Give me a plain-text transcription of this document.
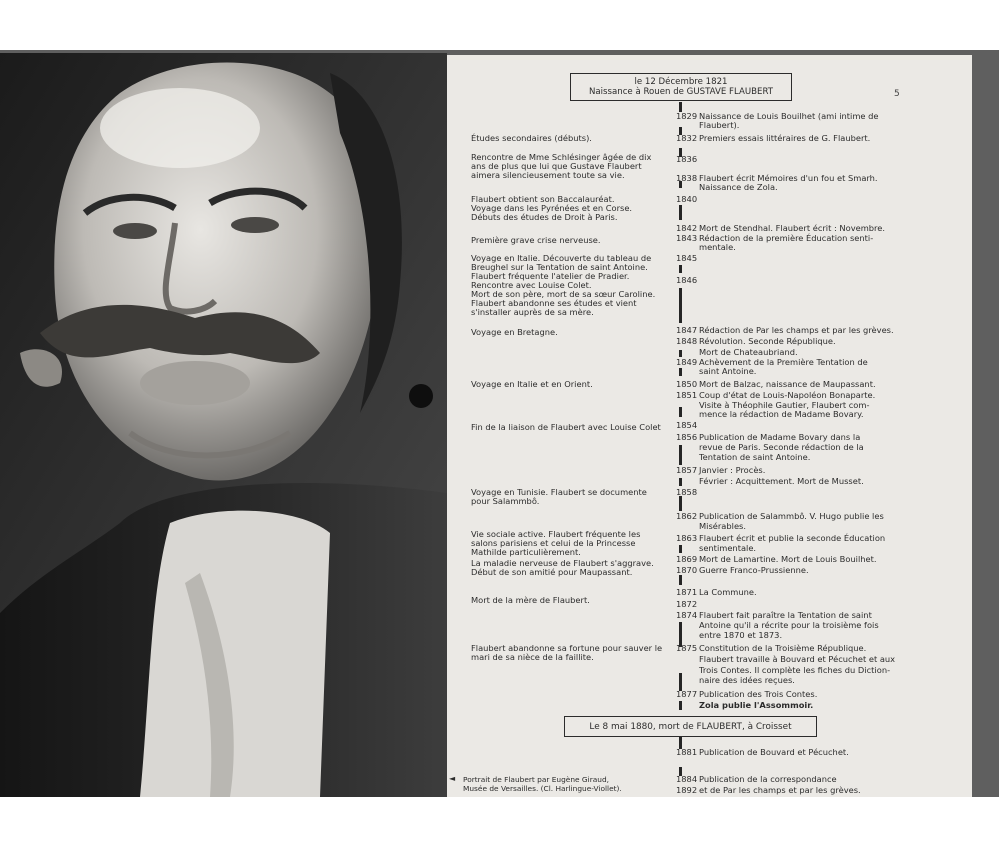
le 12 Décembre 1821
Naissance à Rouen de GUSTAVE FLAUBERT	5
1829
1832
1836
1838
1840
1842
1843
1845
1846
1847
1848
1849
1850
1851
1854
1856
1857
1858
1862
1863
1869
1870
1871
1872
1874
1875
1877
1881
1884
1892
Études secondaires (débuts).
Rencontre de Mme Schlésinger âgée de dix
ans de plus que lui que Gustave Flaubert
aimera silencieusement toute sa vie.
Flaubert obtient son Baccalauréat.
Voyage dans les Pyrénées et en Corse.
Débuts des études de Droit à Paris.
Première grave crise nerveuse.
Voyage en Italie. Découverte du tableau de
Breughel sur la Tentation de saint Antoine.
Flaubert fréquente l'atelier de Pradier.
Rencontre avec Louise Colet.
Mort de son père, mort de sa sœur Caroline.
Flaubert abandonne ses études et vient
s'installer auprès de sa mère.
Voyage en Bretagne.
Voyage en Italie et en Orient.
Fin de la liaison de Flaubert avec Louise Colet
Voyage en Tunisie. Flaubert se documente
pour Salammbô.
Vie sociale active. Flaubert fréquente les
salons parisiens et celui de la Princesse
Mathilde particulièrement.
La maladie nerveuse de Flaubert s'aggrave.
Début de son amitié pour Maupassant.
Mort de la mère de Flaubert.
Flaubert abandonne sa fortune pour sauver le
mari de sa nièce de la faillite.
Naissance de Louis Bouilhet (ami intime de
Flaubert).
Premiers essais littéraires de G. Flaubert.
Flaubert écrit Mémoires d'un fou et Smarh.
Naissance de Zola.
Mort de Stendhal. Flaubert écrit : Novembre.
Rédaction de la première Éducation senti-
mentale.
Rédaction de Par les champs et par les grèves.
Révolution. Seconde République.
Mort de Chateaubriand.
Achèvement de la Première Tentation de
saint Antoine.
Mort de Balzac, naissance de Maupassant.
Coup d'état de Louis-Napoléon Bonaparte.
Visite à Théophile Gautier, Flaubert com-
mence la rédaction de Madame Bovary.
Publication de Madame Bovary dans la
revue de Paris. Seconde rédaction de la
Tentation de saint Antoine.
Janvier : Procès.
Février : Acquittement. Mort de Musset.
Publication de Salammbô. V. Hugo publie les
Misérables.
Flaubert écrit et publie la seconde Éducation
sentimentale.
Mort de Lamartine. Mort de Louis Bouilhet.
Guerre Franco-Prussienne.
La Commune.
Flaubert fait paraître la Tentation de saint
Antoine qu'il a récrite pour la troisième fois
entre 1870 et 1873.
Constitution de la Troisième République.
Flaubert travaille à Bouvard et Pécuchet et aux
Trois Contes. Il complète les fiches du Diction-
naire des idées reçues.
Publication des Trois Contes.
Zola publie l'Assommoir.
Publication de Bouvard et Pécuchet.
Publication de la correspondance
et de Par les champs et par les grèves.
Le 8 mai 1880, mort de FLAUBERT, à Croisset
◄ Portrait de Flaubert par Eugène Giraud,
Musée de Versailles. (Cl. Harlingue-Viollet).
